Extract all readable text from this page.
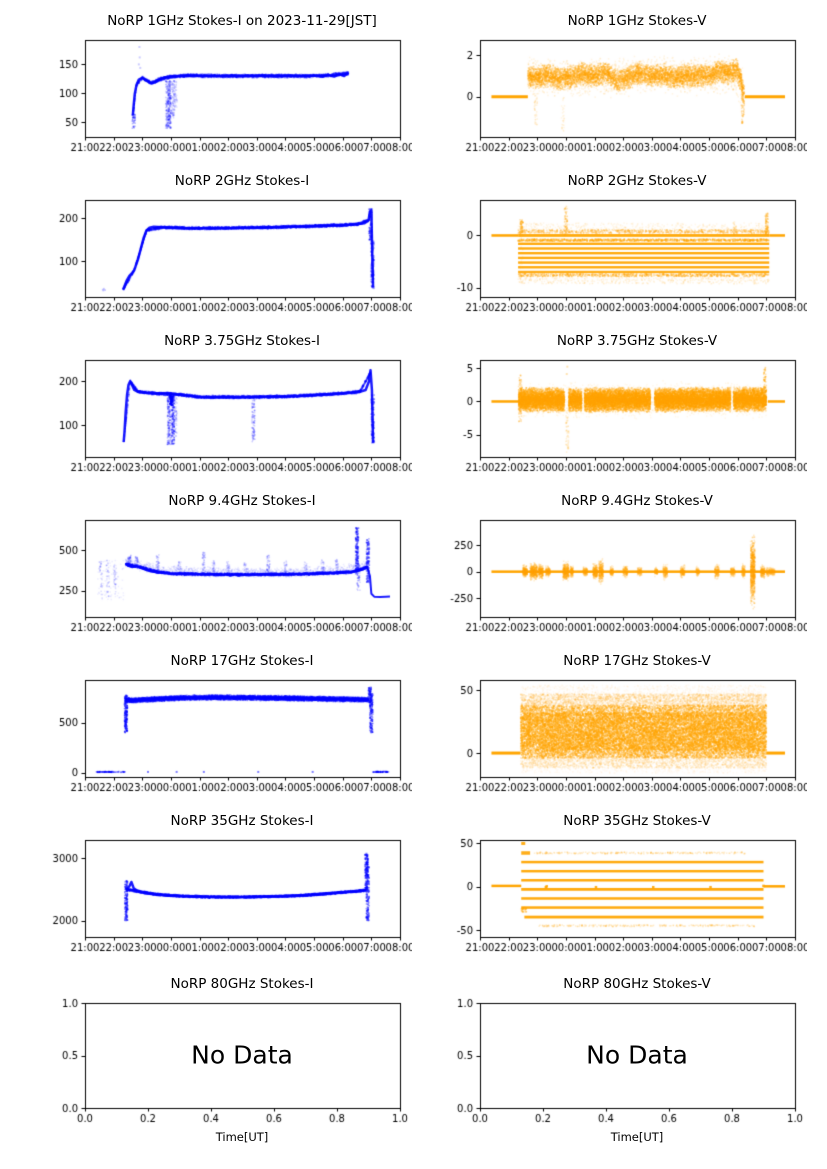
NoRP 1GHz Stokes-I on 2023-11-29[JST]	NoRP 1GHz Stokes-V
NoRP 2GHz Stokes-I	NoRP 2GHz Stokes-V
NoRP 3.75GHz Stokes-I	NoRP 3.75GHz Stokes-V
NoRP 9.4GHz Stokes-I	NoRP 9.4GHz Stokes-V
NoRP 17GHz Stokes-I	NoRP 17GHz Stokes-V
NoRP 35GHz Stokes-I	NoRP 35GHz Stokes-V
NoRP 80GHz Stokes-I
No Data
Time[UT]
NoRP 80GHz Stokes-V
No Data
Time[UT]
